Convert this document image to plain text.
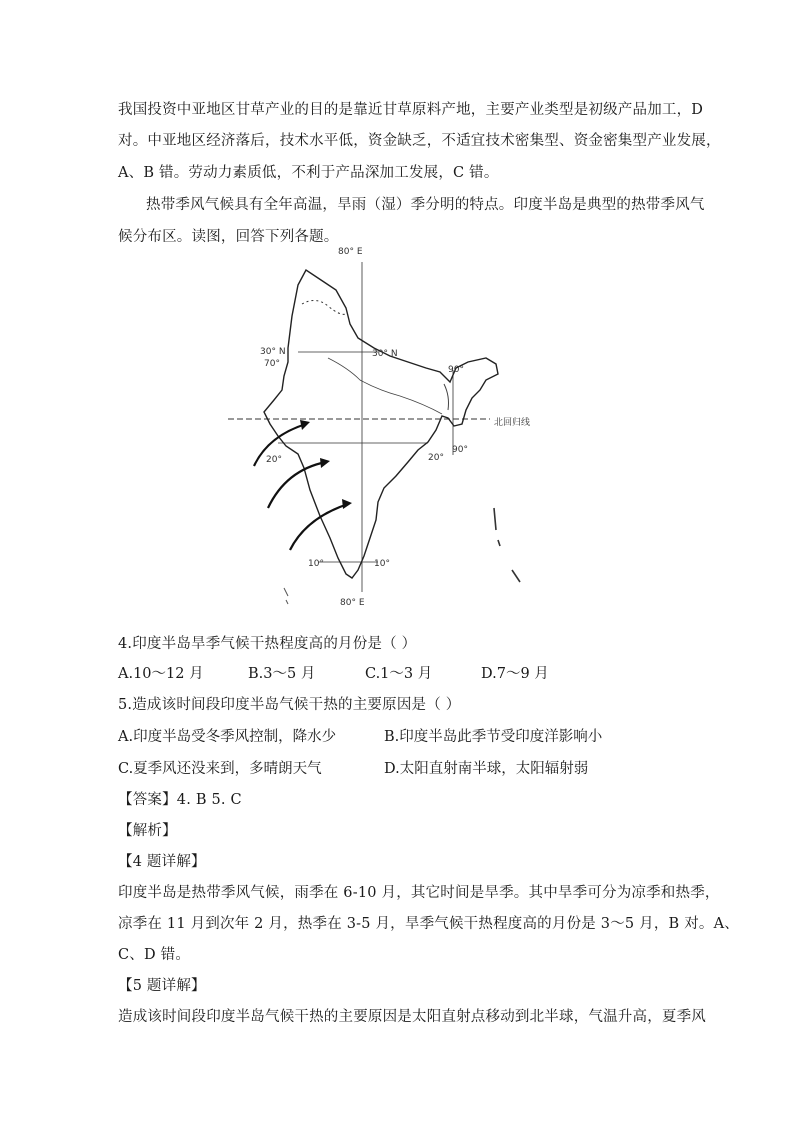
我国投资中亚地区甘草产业的目的是靠近甘草原料产地，主要产业类型是初级产品加工，D
对。中亚地区经济落后，技术水平低，资金缺乏，不适宜技术密集型、资金密集型产业发展，
A、B 错。劳动力素质低，不利于产品深加工发展，C 错。
热带季风气候具有全年高温，旱雨（湿）季分明的特点。印度半岛是典型的热带季风气
候分布区。读图，回答下列各题。
80° E
80° E
30° N	30° N
70°
90°
90°
20°	20°
10°	10°
北回归线
4.印度半岛旱季气候干热程度高的月份是（ ）
A.10～12 月	B.3～5 月	C.1～3 月	D.7～9 月
5.造成该时间段印度半岛气候干热的主要原因是（ ）
A.印度半岛受冬季风控制，降水少	B.印度半岛此季节受印度洋影响小
C.夏季风还没来到，多晴朗天气	D.太阳直射南半球，太阳辐射弱
【答案】4. B 5. C
【解析】
【4 题详解】
印度半岛是热带季风气候，雨季在 6-10 月，其它时间是旱季。其中旱季可分为凉季和热季，
凉季在 11 月到次年 2 月，热季在 3-5 月，旱季气候干热程度高的月份是 3～5 月，B 对。A、
C、D 错。
【5 题详解】
造成该时间段印度半岛气候干热的主要原因是太阳直射点移动到北半球，气温升高，夏季风
